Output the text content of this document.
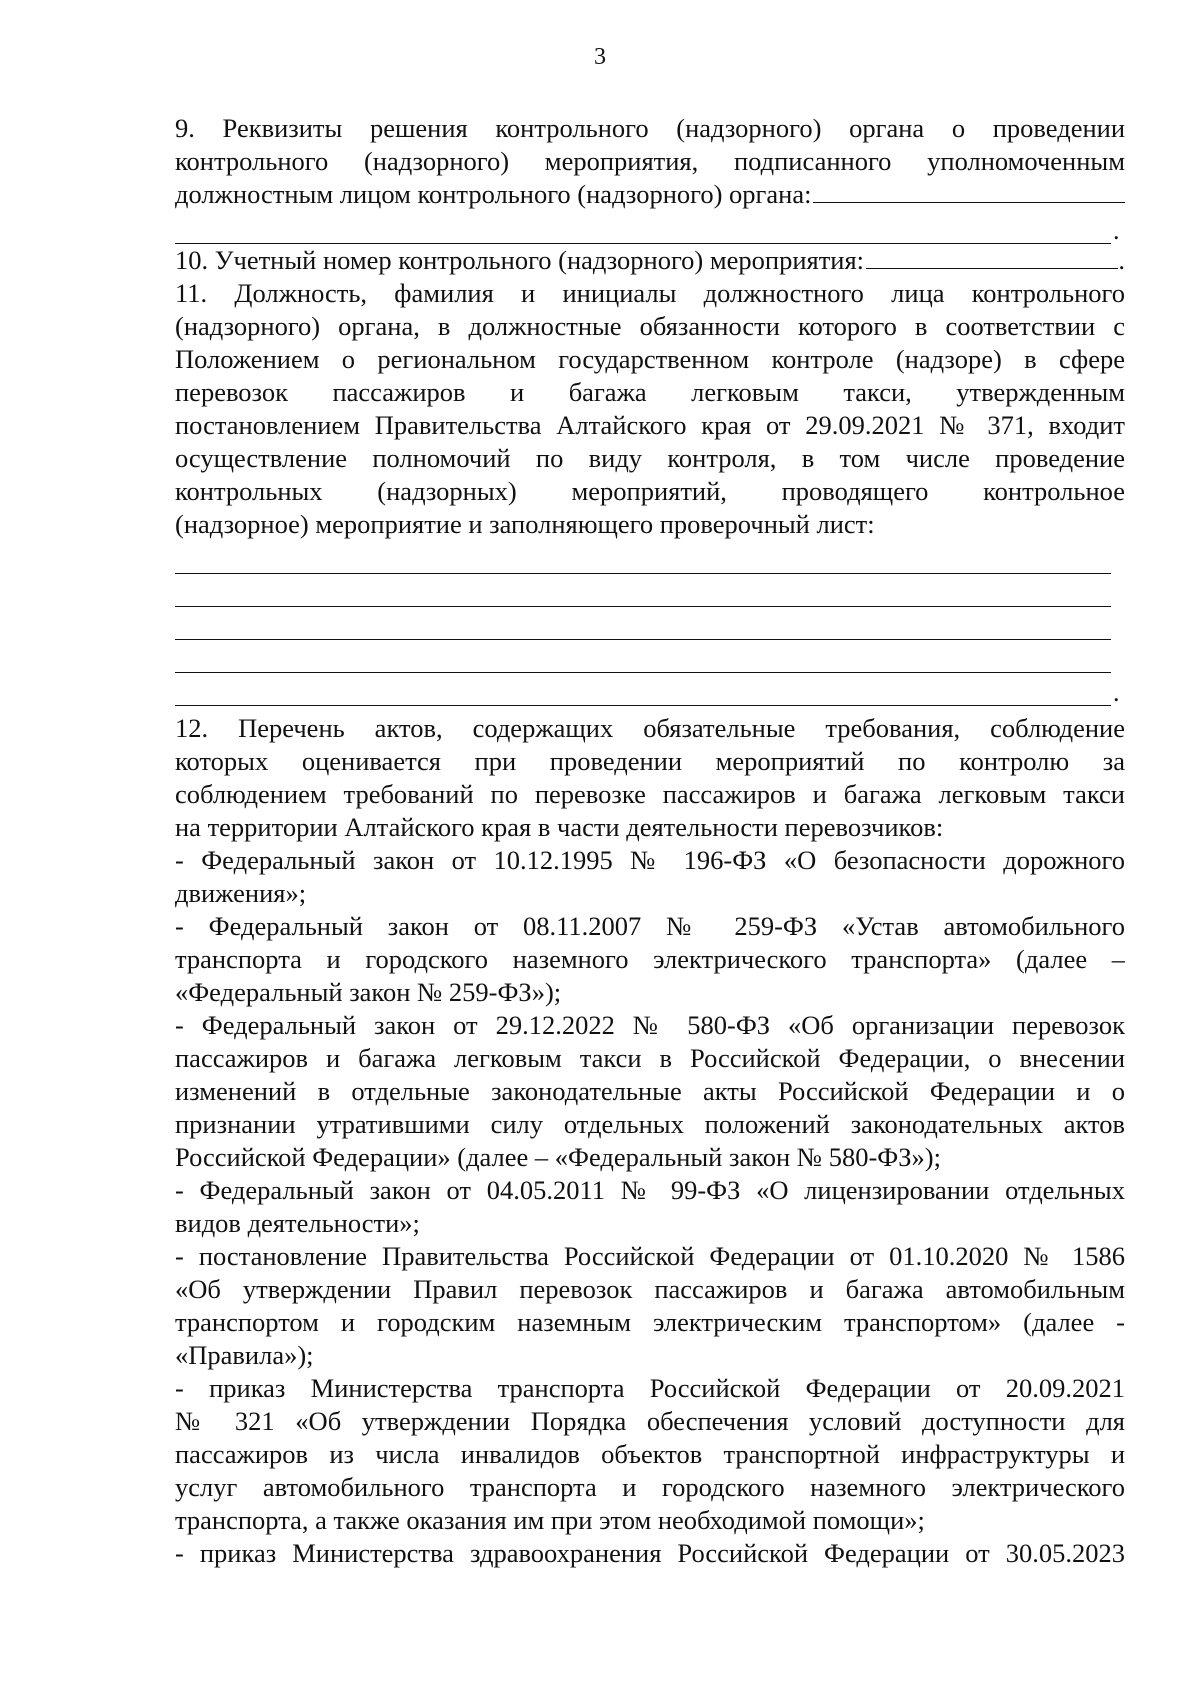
3
9. Реквизиты решения контрольного (надзорного) органа о проведении
контрольного (надзорного) мероприятия, подписанного уполномоченным
должностным лицом контрольного (надзорного) органа:
.
10. Учетный номер контрольного (надзорного) мероприятия:	.
11. Должность, фамилия и инициалы должностного лица контрольного
(надзорного) органа, в должностные обязанности которого в соответствии с
Положением о региональном государственном контроле (надзоре) в сфере
перевозок пассажиров и багажа легковым такси, утвержденным
постановлением Правительства Алтайского края от 29.09.2021 № 371, входит
осуществление полномочий по виду контроля, в том числе проведение
контрольных (надзорных) мероприятий, проводящего контрольное
(надзорное) мероприятие и заполняющего проверочный лист:
.
12. Перечень актов, содержащих обязательные требования, соблюдение
которых оценивается при проведении мероприятий по контролю за
соблюдением требований по перевозке пассажиров и багажа легковым такси
на территории Алтайского края в части деятельности перевозчиков:
- Федеральный закон от 10.12.1995 № 196-ФЗ «О безопасности дорожного
движения»;
- Федеральный закон от 08.11.2007 № 259-ФЗ «Устав автомобильного
транспорта и городского наземного электрического транспорта» (далее –
«Федеральный закон № 259-ФЗ»);
- Федеральный закон от 29.12.2022 № 580-ФЗ «Об организации перевозок
пассажиров и багажа легковым такси в Российской Федерации, о внесении
изменений в отдельные законодательные акты Российской Федерации и о
признании утратившими силу отдельных положений законодательных актов
Российской Федерации» (далее – «Федеральный закон № 580-ФЗ»);
- Федеральный закон от 04.05.2011 № 99-ФЗ «О лицензировании отдельных
видов деятельности»;
- постановление Правительства Российской Федерации от 01.10.2020 № 1586
«Об утверждении Правил перевозок пассажиров и багажа автомобильным
транспортом и городским наземным электрическим транспортом» (далее -
«Правила»);
- приказ Министерства транспорта Российской Федерации от 20.09.2021
№ 321 «Об утверждении Порядка обеспечения условий доступности для
пассажиров из числа инвалидов объектов транспортной инфраструктуры и
услуг автомобильного транспорта и городского наземного электрического
транспорта, а также оказания им при этом необходимой помощи»;
- приказ Министерства здравоохранения Российской Федерации от 30.05.2023
